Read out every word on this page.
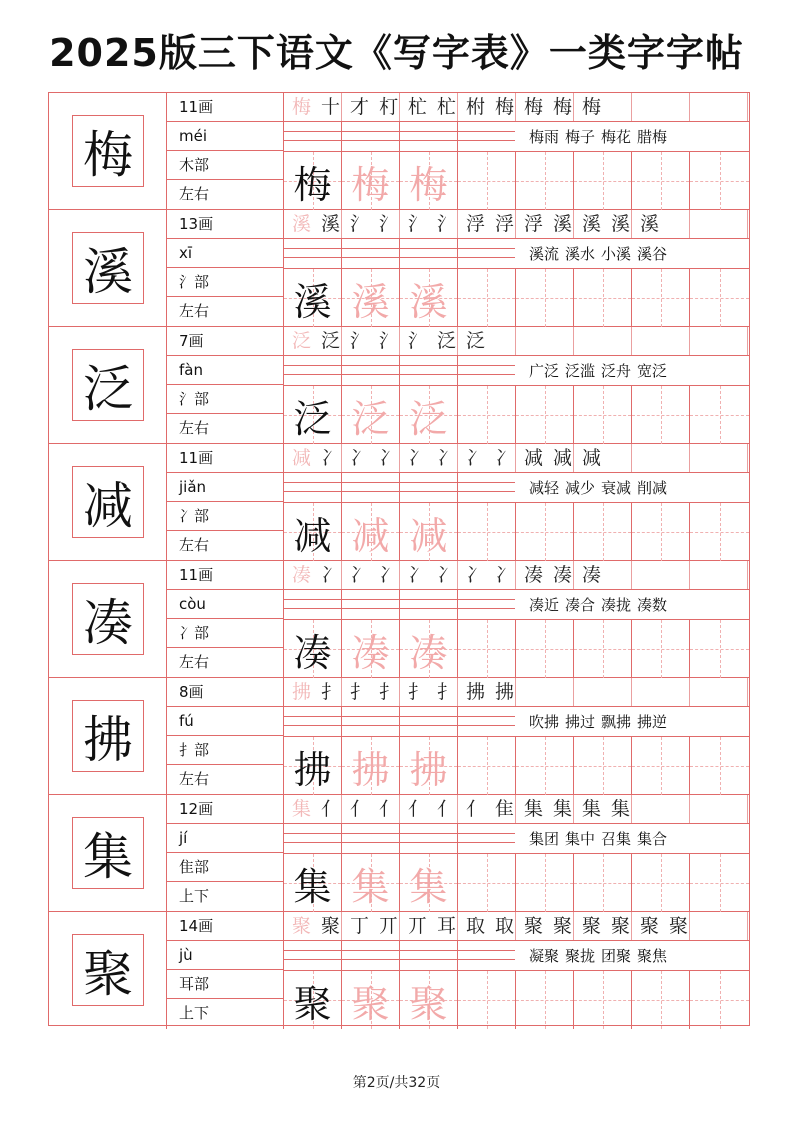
2025版三下语文《写字表》一类字字帖
梅
11画
méi
木部
左右
梅 十 才 朾 杧 杧 柎 梅 梅 梅 梅
梅雨 梅子 梅花 腊梅
梅 梅 梅
溪
13画
xī
氵部
左右
溪 溪 氵 氵 氵 氵 浮 浮 浮 溪 溪 溪 溪
溪流 溪水 小溪 溪谷
溪 溪 溪
泛
7画
fàn
氵部
左右
泛 泛 氵 氵 氵 泛 泛
广泛 泛滥 泛舟 宽泛
泛 泛 泛
减
11画
jiǎn
冫部
左右
减 冫 冫 冫 冫 冫 冫 冫 减 减 减
减轻 减少 衰减 削减
减 减 减
凑
11画
còu
冫部
左右
凑 冫 冫 冫 冫 冫 冫 冫 凑 凑 凑
凑近 凑合 凑拢 凑数
凑 凑 凑
拂
8画
fú
扌部
左右
拂 扌 扌 扌 扌 扌 拂 拂
吹拂 拂过 飘拂 拂逆
拂 拂 拂
集
12画
jí
隹部
上下
集 亻 亻 亻 亻 亻 亻 隹 集 集 集 集
集团 集中 召集 集合
集 集 集
聚
14画
jù
耳部
上下
聚 聚 丁 丌 丌 耳 取 取 聚 聚 聚 聚 聚 聚
凝聚 聚拢 团聚 聚焦
聚 聚 聚
第2页/共32页
